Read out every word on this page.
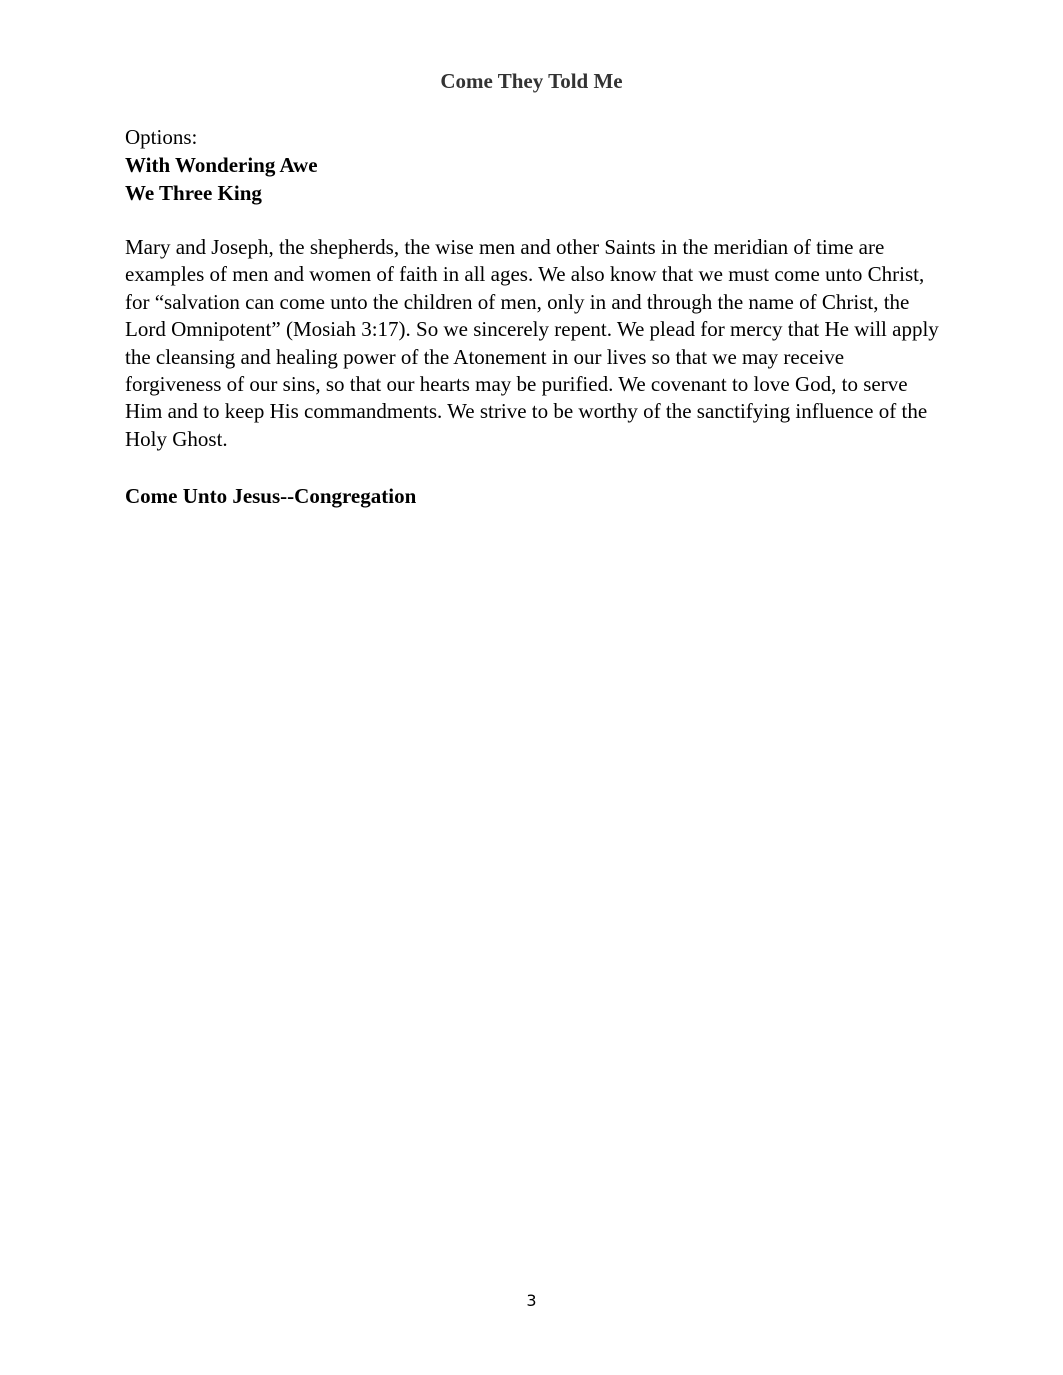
Come They Told Me
Options:
With Wondering Awe
We Three King
Mary and Joseph, the shepherds, the wise men and other Saints in the meridian of time are
examples of men and women of faith in all ages. We also know that we must come unto Christ,
for “salvation can come unto the children of men, only in and through the name of Christ, the
Lord Omnipotent” (Mosiah 3:17). So we sincerely repent. We plead for mercy that He will apply
the cleansing and healing power of the Atonement in our lives so that we may receive
forgiveness of our sins, so that our hearts may be purified. We covenant to love God, to serve
Him and to keep His commandments. We strive to be worthy of the sanctifying influence of the
Holy Ghost.
Come Unto Jesus--Congregation
3
